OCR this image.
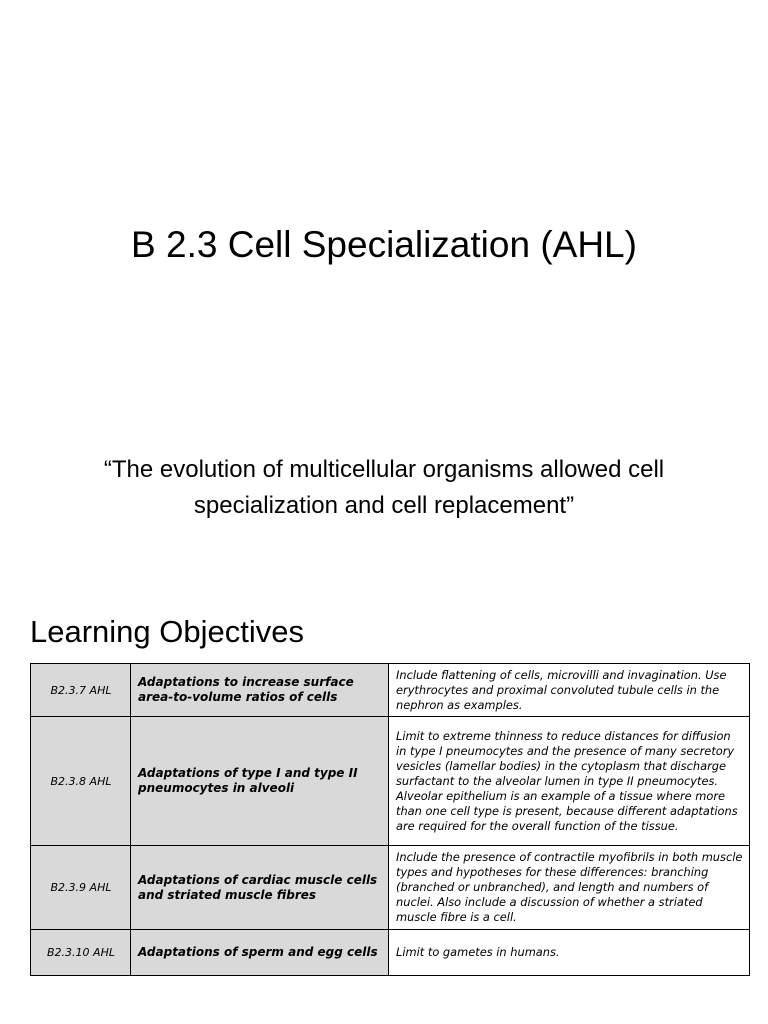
B 2.3 Cell Specialization (AHL)
“The evolution of multicellular organisms allowed cell specialization and cell replacement”
Learning Objectives
B2.3.7 AHL	Adaptations to increase surface area-to-volume ratios of cells	Include flattening of cells, microvilli and invagination. Use erythrocytes and proximal convoluted tubule cells in the nephron as examples.
B2.3.8 AHL	Adaptations of type I and type II pneumocytes in alveoli	Limit to extreme thinness to reduce distances for diffusion in type I pneumocytes and the presence of many secretory vesicles (lamellar bodies) in the cytoplasm that discharge surfactant to the alveolar lumen in type II pneumocytes. Alveolar epithelium is an example of a tissue where more than one cell type is present, because different adaptations are required for the overall function of the tissue.
B2.3.9 AHL	Adaptations of cardiac muscle cells and striated muscle fibres	Include the presence of contractile myofibrils in both muscle types and hypotheses for these differences: branching (branched or unbranched), and length and numbers of nuclei. Also include a discussion of whether a striated muscle fibre is a cell.
B2.3.10 AHL	Adaptations of sperm and egg cells	Limit to gametes in humans.
